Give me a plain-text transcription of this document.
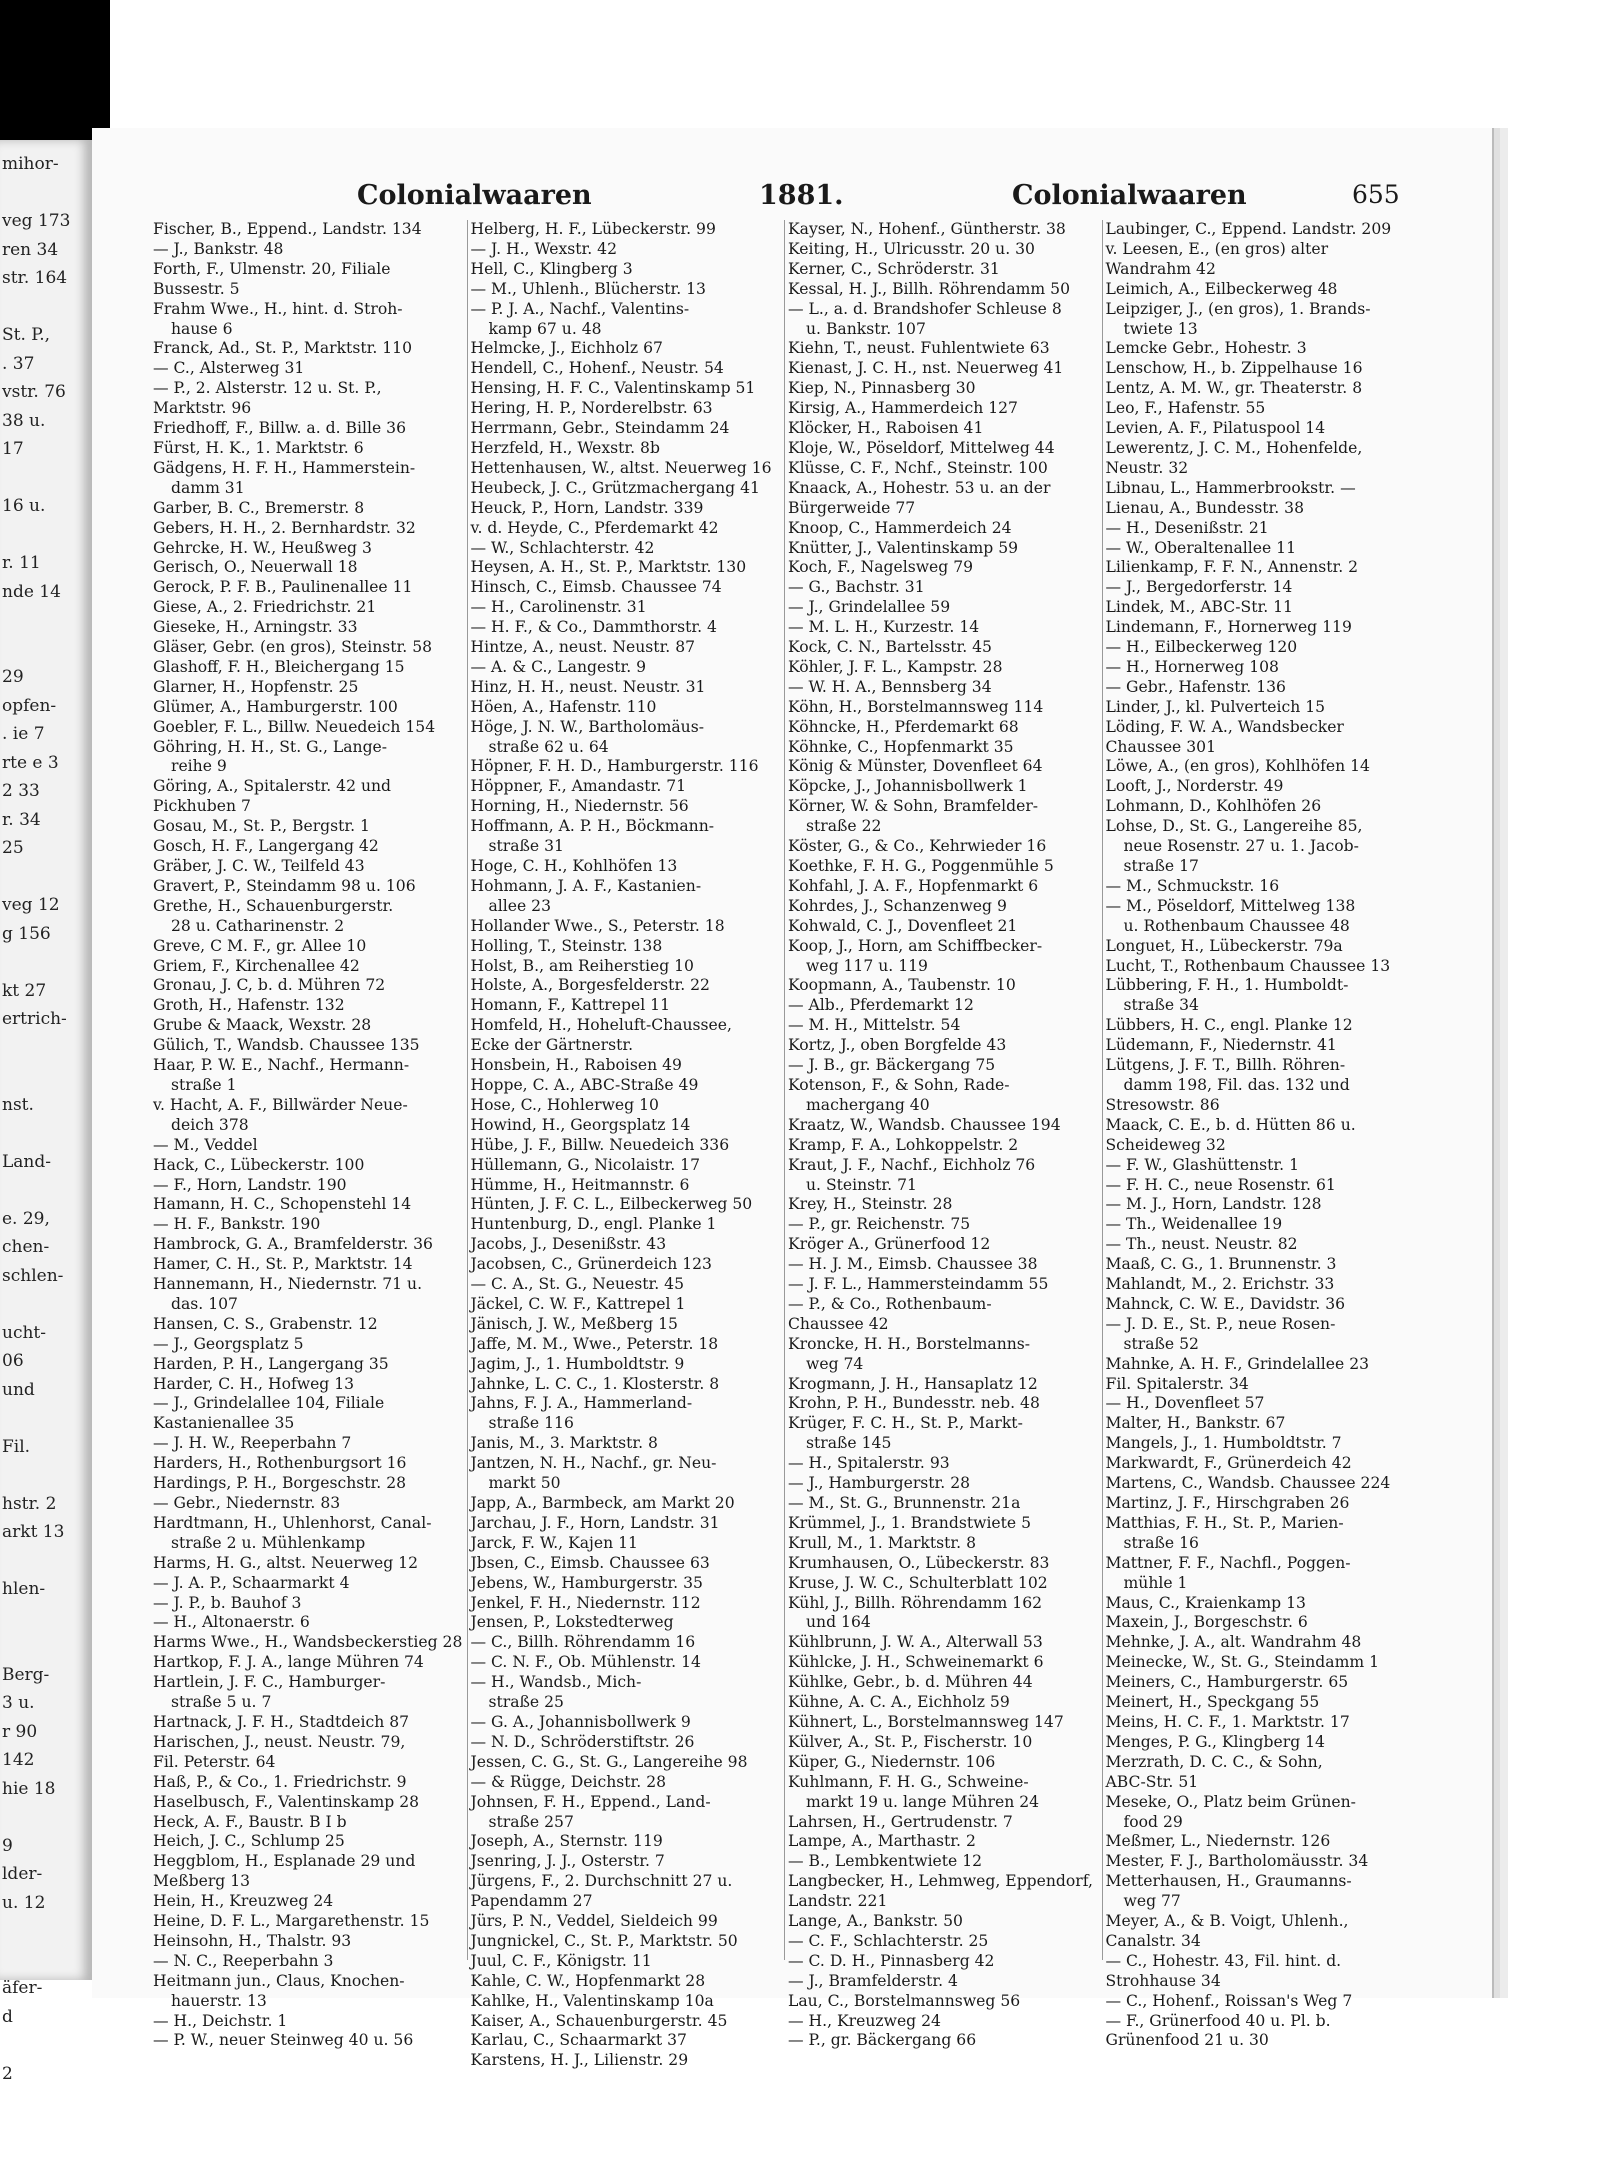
mihor-
veg 173
ren 34
str. 164
St. P.,
. 37
vstr. 76
38 u.
17
16 u.
r. 11
nde 14
29
opfen-
. ie 7
rte e 3
2 33
r. 34
25
veg 12
g 156
kt 27
ertrich-
nst.
Land-
e. 29,
chen-
schlen-
ucht-
06
und
Fil.
hstr. 2
arkt 13
hlen-
Berg-
3 u.
r 90
142
hie 18
9
lder-
u. 12
äfer-
d
2
Colonialwaaren	1881.	Colonialwaaren	655
Fischer, B., Eppend., Landstr. 134
— J., Bankstr. 48
Forth, F., Ulmenstr. 20, Filiale
Bussestr. 5
Frahm Wwe., H., hint. d. Stroh-
hause 6
Franck, Ad., St. P., Marktstr. 110
— C., Alsterweg 31
— P., 2. Alsterstr. 12 u. St. P.,
Marktstr. 96
Friedhoff, F., Billw. a. d. Bille 36
Fürst, H. K., 1. Marktstr. 6
Gädgens, H. F. H., Hammerstein-
damm 31
Garber, B. C., Bremerstr. 8
Gebers, H. H., 2. Bernhardstr. 32
Gehrcke, H. W., Heußweg 3
Gerisch, O., Neuerwall 18
Gerock, P. F. B., Paulinenallee 11
Giese, A., 2. Friedrichstr. 21
Gieseke, H., Arningstr. 33
Gläser, Gebr. (en gros), Steinstr. 58
Glashoff, F. H., Bleichergang 15
Glarner, H., Hopfenstr. 25
Glümer, A., Hamburgerstr. 100
Goebler, F. L., Billw. Neuedeich 154
Göhring, H. H., St. G., Lange-
reihe 9
Göring, A., Spitalerstr. 42 und
Pickhuben 7
Gosau, M., St. P., Bergstr. 1
Gosch, H. F., Langergang 42
Gräber, J. C. W., Teilfeld 43
Gravert, P., Steindamm 98 u. 106
Grethe, H., Schauenburgerstr.
28 u. Catharinenstr. 2
Greve, C M. F., gr. Allee 10
Griem, F., Kirchenallee 42
Gronau, J. C, b. d. Mühren 72
Groth, H., Hafenstr. 132
Grube & Maack, Wexstr. 28
Gülich, T., Wandsb. Chaussee 135
Haar, P. W. E., Nachf., Hermann-
straße 1
v. Hacht, A. F., Billwärder Neue-
deich 378
— M., Veddel
Hack, C., Lübeckerstr. 100
— F., Horn, Landstr. 190
Hamann, H. C., Schopenstehl 14
— H. F., Bankstr. 190
Hambrock, G. A., Bramfelderstr. 36
Hamer, C. H., St. P., Marktstr. 14
Hannemann, H., Niedernstr. 71 u.
das. 107
Hansen, C. S., Grabenstr. 12
— J., Georgsplatz 5
Harden, P. H., Langergang 35
Harder, C. H., Hofweg 13
— J., Grindelallee 104, Filiale
Kastanienallee 35
— J. H. W., Reeperbahn 7
Harders, H., Rothenburgsort 16
Hardings, P. H., Borgeschstr. 28
— Gebr., Niedernstr. 83
Hardtmann, H., Uhlenhorst, Canal-
straße 2 u. Mühlenkamp
Harms, H. G., altst. Neuerweg 12
— J. A. P., Schaarmarkt 4
— J. P., b. Bauhof 3
— H., Altonaerstr. 6
Harms Wwe., H., Wandsbeckerstieg 28
Hartkop, F. J. A., lange Mühren 74
Hartlein, J. F. C., Hamburger-
straße 5 u. 7
Hartnack, J. F. H., Stadtdeich 87
Harischen, J., neust. Neustr. 79,
Fil. Peterstr. 64
Haß, P., & Co., 1. Friedrichstr. 9
Haselbusch, F., Valentinskamp 28
Heck, A. F., Baustr. B I b
Heich, J. C., Schlump 25
Heggblom, H., Esplanade 29 und
Meßberg 13
Hein, H., Kreuzweg 24
Heine, D. F. L., Margarethenstr. 15
Heinsohn, H., Thalstr. 93
— N. C., Reeperbahn 3
Heitmann jun., Claus, Knochen-
hauerstr. 13
— H., Deichstr. 1
— P. W., neuer Steinweg 40 u. 56
Helberg, H. F., Lübeckerstr. 99
— J. H., Wexstr. 42
Hell, C., Klingberg 3
— M., Uhlenh., Blücherstr. 13
— P. J. A., Nachf., Valentins-
kamp 67 u. 48
Helmcke, J., Eichholz 67
Hendell, C., Hohenf., Neustr. 54
Hensing, H. F. C., Valentinskamp 51
Hering, H. P., Norderelbstr. 63
Herrmann, Gebr., Steindamm 24
Herzfeld, H., Wexstr. 8b
Hettenhausen, W., altst. Neuerweg 16
Heubeck, J. C., Grützmachergang 41
Heuck, P., Horn, Landstr. 339
v. d. Heyde, C., Pferdemarkt 42
— W., Schlachterstr. 42
Heysen, A. H., St. P., Marktstr. 130
Hinsch, C., Eimsb. Chaussee 74
— H., Carolinenstr. 31
— H. F., & Co., Dammthorstr. 4
Hintze, A., neust. Neustr. 87
— A. & C., Langestr. 9
Hinz, H. H., neust. Neustr. 31
Höen, A., Hafenstr. 110
Höge, J. N. W., Bartholomäus-
straße 62 u. 64
Höpner, F. H. D., Hamburgerstr. 116
Höppner, F., Amandastr. 71
Horning, H., Niedernstr. 56
Hoffmann, A. P. H., Böckmann-
straße 31
Hoge, C. H., Kohlhöfen 13
Hohmann, J. A. F., Kastanien-
allee 23
Hollander Wwe., S., Peterstr. 18
Holling, T., Steinstr. 138
Holst, B., am Reiherstieg 10
Holste, A., Borgesfelderstr. 22
Homann, F., Kattrepel 11
Homfeld, H., Hoheluft-Chaussee,
Ecke der Gärtnerstr.
Honsbein, H., Raboisen 49
Hoppe, C. A., ABC-Straße 49
Hose, C., Hohlerweg 10
Howind, H., Georgsplatz 14
Hübe, J. F., Billw. Neuedeich 336
Hüllemann, G., Nicolaistr. 17
Hümme, H., Heitmannstr. 6
Hünten, J. F. C. L., Eilbeckerweg 50
Huntenburg, D., engl. Planke 1
Jacobs, J., Desenißstr. 43
Jacobsen, C., Grünerdeich 123
— C. A., St. G., Neuestr. 45
Jäckel, C. W. F., Kattrepel 1
Jänisch, J. W., Meßberg 15
Jaffe, M. M., Wwe., Peterstr. 18
Jagim, J., 1. Humboldtstr. 9
Jahnke, L. C. C., 1. Klosterstr. 8
Jahns, F. J. A., Hammerland-
straße 116
Janis, M., 3. Marktstr. 8
Jantzen, N. H., Nachf., gr. Neu-
markt 50
Japp, A., Barmbeck, am Markt 20
Jarchau, J. F., Horn, Landstr. 31
Jarck, F. W., Kajen 11
Jbsen, C., Eimsb. Chaussee 63
Jebens, W., Hamburgerstr. 35
Jenkel, F. H., Niedernstr. 112
Jensen, P., Lokstedterweg
— C., Billh. Röhrendamm 16
— C. N. F., Ob. Mühlenstr. 14
— H., Wandsb., Mich-
straße 25
— G. A., Johannisbollwerk 9
— N. D., Schröderstiftstr. 26
Jessen, C. G., St. G., Langereihe 98
— & Rügge, Deichstr. 28
Johnsen, F. H., Eppend., Land-
straße 257
Joseph, A., Sternstr. 119
Jsenring, J. J., Osterstr. 7
Jürgens, F., 2. Durchschnitt 27 u.
Papendamm 27
Jürs, P. N., Veddel, Sieldeich 99
Jungnickel, C., St. P., Marktstr. 50
Juul, C. F., Königstr. 11
Kahle, C. W., Hopfenmarkt 28
Kahlke, H., Valentinskamp 10a
Kaiser, A., Schauenburgerstr. 45
Karlau, C., Schaarmarkt 37
Karstens, H. J., Lilienstr. 29
Kayser, N., Hohenf., Güntherstr. 38
Keiting, H., Ulricusstr. 20 u. 30
Kerner, C., Schröderstr. 31
Kessal, H. J., Billh. Röhrendamm 50
— L., a. d. Brandshofer Schleuse 8
u. Bankstr. 107
Kiehn, T., neust. Fuhlentwiete 63
Kienast, J. C. H., nst. Neuerweg 41
Kiep, N., Pinnasberg 30
Kirsig, A., Hammerdeich 127
Klöcker, H., Raboisen 41
Kloje, W., Pöseldorf, Mittelweg 44
Klüsse, C. F., Nchf., Steinstr. 100
Knaack, A., Hohestr. 53 u. an der
Bürgerweide 77
Knoop, C., Hammerdeich 24
Knütter, J., Valentinskamp 59
Koch, F., Nagelsweg 79
— G., Bachstr. 31
— J., Grindelallee 59
— M. L. H., Kurzestr. 14
Kock, C. N., Bartelsstr. 45
Köhler, J. F. L., Kampstr. 28
— W. H. A., Bennsberg 34
Köhn, H., Borstelmannsweg 114
Köhncke, H., Pferdemarkt 68
Köhnke, C., Hopfenmarkt 35
König & Münster, Dovenfleet 64
Köpcke, J., Johannisbollwerk 1
Körner, W. & Sohn, Bramfelder-
straße 22
Köster, G., & Co., Kehrwieder 16
Koethke, F. H. G., Poggenmühle 5
Kohfahl, J. A. F., Hopfenmarkt 6
Kohrdes, J., Schanzenweg 9
Kohwald, C. J., Dovenfleet 21
Koop, J., Horn, am Schiffbecker-
weg 117 u. 119
Koopmann, A., Taubenstr. 10
— Alb., Pferdemarkt 12
— M. H., Mittelstr. 54
Kortz, J., oben Borgfelde 43
— J. B., gr. Bäckergang 75
Kotenson, F., & Sohn, Rade-
machergang 40
Kraatz, W., Wandsb. Chaussee 194
Kramp, F. A., Lohkoppelstr. 2
Kraut, J. F., Nachf., Eichholz 76
u. Steinstr. 71
Krey, H., Steinstr. 28
— P., gr. Reichenstr. 75
Kröger A., Grünerfood 12
— H. J. M., Eimsb. Chaussee 38
— J. F. L., Hammersteindamm 55
— P., & Co., Rothenbaum-
Chaussee 42
Kroncke, H. H., Borstelmanns-
weg 74
Krogmann, J. H., Hansaplatz 12
Krohn, P. H., Bundesstr. neb. 48
Krüger, F. C. H., St. P., Markt-
straße 145
— H., Spitalerstr. 93
— J., Hamburgerstr. 28
— M., St. G., Brunnenstr. 21a
Krümmel, J., 1. Brandstwiete 5
Krull, M., 1. Marktstr. 8
Krumhausen, O., Lübeckerstr. 83
Kruse, J. W. C., Schulterblatt 102
Kühl, J., Billh. Röhrendamm 162
und 164
Kühlbrunn, J. W. A., Alterwall 53
Kühlcke, J. H., Schweinemarkt 6
Kühlke, Gebr., b. d. Mühren 44
Kühne, A. C. A., Eichholz 59
Kühnert, L., Borstelmannsweg 147
Külver, A., St. P., Fischerstr. 10
Küper, G., Niedernstr. 106
Kuhlmann, F. H. G., Schweine-
markt 19 u. lange Mühren 24
Lahrsen, H., Gertrudenstr. 7
Lampe, A., Marthastr. 2
— B., Lembkentwiete 12
Langbecker, H., Lehmweg, Eppendorf,
Landstr. 221
Lange, A., Bankstr. 50
— C. F., Schlachterstr. 25
— C. D. H., Pinnasberg 42
— J., Bramfelderstr. 4
Lau, C., Borstelmannsweg 56
— H., Kreuzweg 24
— P., gr. Bäckergang 66
Laubinger, C., Eppend. Landstr. 209
v. Leesen, E., (en gros) alter
Wandrahm 42
Leimich, A., Eilbeckerweg 48
Leipziger, J., (en gros), 1. Brands-
twiete 13
Lemcke Gebr., Hohestr. 3
Lenschow, H., b. Zippelhause 16
Lentz, A. M. W., gr. Theaterstr. 8
Leo, F., Hafenstr. 55
Levien, A. F., Pilatuspool 14
Lewerentz, J. C. M., Hohenfelde,
Neustr. 32
Libnau, L., Hammerbrookstr. —
Lienau, A., Bundesstr. 38
— H., Desenißstr. 21
— W., Oberaltenallee 11
Lilienkamp, F. F. N., Annenstr. 2
— J., Bergedorferstr. 14
Lindek, M., ABC-Str. 11
Lindemann, F., Hornerweg 119
— H., Eilbeckerweg 120
— H., Hornerweg 108
— Gebr., Hafenstr. 136
Linder, J., kl. Pulverteich 15
Löding, F. W. A., Wandsbecker
Chaussee 301
Löwe, A., (en gros), Kohlhöfen 14
Looft, J., Norderstr. 49
Lohmann, D., Kohlhöfen 26
Lohse, D., St. G., Langereihe 85,
neue Rosenstr. 27 u. 1. Jacob-
straße 17
— M., Schmuckstr. 16
— M., Pöseldorf, Mittelweg 138
u. Rothenbaum Chaussee 48
Longuet, H., Lübeckerstr. 79a
Lucht, T., Rothenbaum Chaussee 13
Lübbering, F. H., 1. Humboldt-
straße 34
Lübbers, H. C., engl. Planke 12
Lüdemann, F., Niedernstr. 41
Lütgens, J. F. T., Billh. Röhren-
damm 198, Fil. das. 132 und
Stresowstr. 86
Maack, C. E., b. d. Hütten 86 u.
Scheideweg 32
— F. W., Glashüttenstr. 1
— F. H. C., neue Rosenstr. 61
— M. J., Horn, Landstr. 128
— Th., Weidenallee 19
— Th., neust. Neustr. 82
Maaß, C. G., 1. Brunnenstr. 3
Mahlandt, M., 2. Erichstr. 33
Mahnck, C. W. E., Davidstr. 36
— J. D. E., St. P., neue Rosen-
straße 52
Mahnke, A. H. F., Grindelallee 23
Fil. Spitalerstr. 34
— H., Dovenfleet 57
Malter, H., Bankstr. 67
Mangels, J., 1. Humboldtstr. 7
Markwardt, F., Grünerdeich 42
Martens, C., Wandsb. Chaussee 224
Martinz, J. F., Hirschgraben 26
Matthias, F. H., St. P., Marien-
straße 16
Mattner, F. F., Nachfl., Poggen-
mühle 1
Maus, C., Kraienkamp 13
Maxein, J., Borgeschstr. 6
Mehnke, J. A., alt. Wandrahm 48
Meinecke, W., St. G., Steindamm 1
Meiners, C., Hamburgerstr. 65
Meinert, H., Speckgang 55
Meins, H. C. F., 1. Marktstr. 17
Menges, P. G., Klingberg 14
Merzrath, D. C. C., & Sohn,
ABC-Str. 51
Meseke, O., Platz beim Grünen-
food 29
Meßmer, L., Niedernstr. 126
Mester, F. J., Bartholomäusstr. 34
Metterhausen, H., Graumanns-
weg 77
Meyer, A., & B. Voigt, Uhlenh.,
Canalstr. 34
— C., Hohestr. 43, Fil. hint. d.
Strohhause 34
— C., Hohenf., Roissan's Weg 7
— F., Grünerfood 40 u. Pl. b.
Grünenfood 21 u. 30
